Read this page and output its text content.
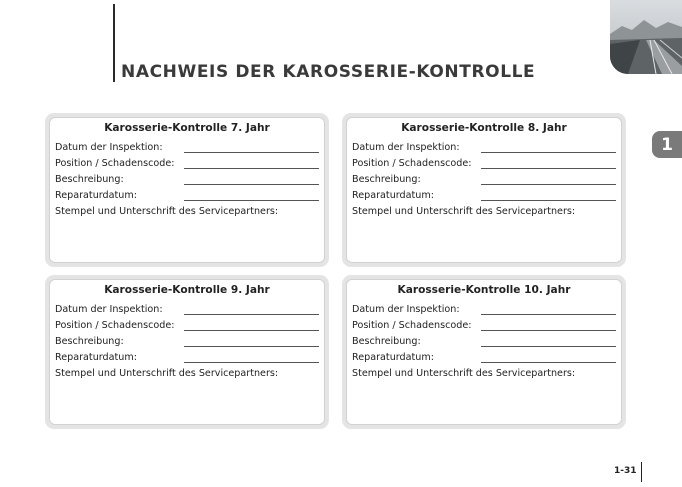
NACHWEIS DER KAROSSERIE-KONTROLLE
1
Karosserie-Kontrolle 7. Jahr
Datum der Inspektion:
Position / Schadenscode:
Beschreibung:
Reparaturdatum:
Stempel und Unterschrift des Servicepartners:
Karosserie-Kontrolle 8. Jahr
Datum der Inspektion:
Position / Schadenscode:
Beschreibung:
Reparaturdatum:
Stempel und Unterschrift des Servicepartners:
Karosserie-Kontrolle 9. Jahr
Datum der Inspektion:
Position / Schadenscode:
Beschreibung:
Reparaturdatum:
Stempel und Unterschrift des Servicepartners:
Karosserie-Kontrolle 10. Jahr
Datum der Inspektion:
Position / Schadenscode:
Beschreibung:
Reparaturdatum:
Stempel und Unterschrift des Servicepartners:
1-31
